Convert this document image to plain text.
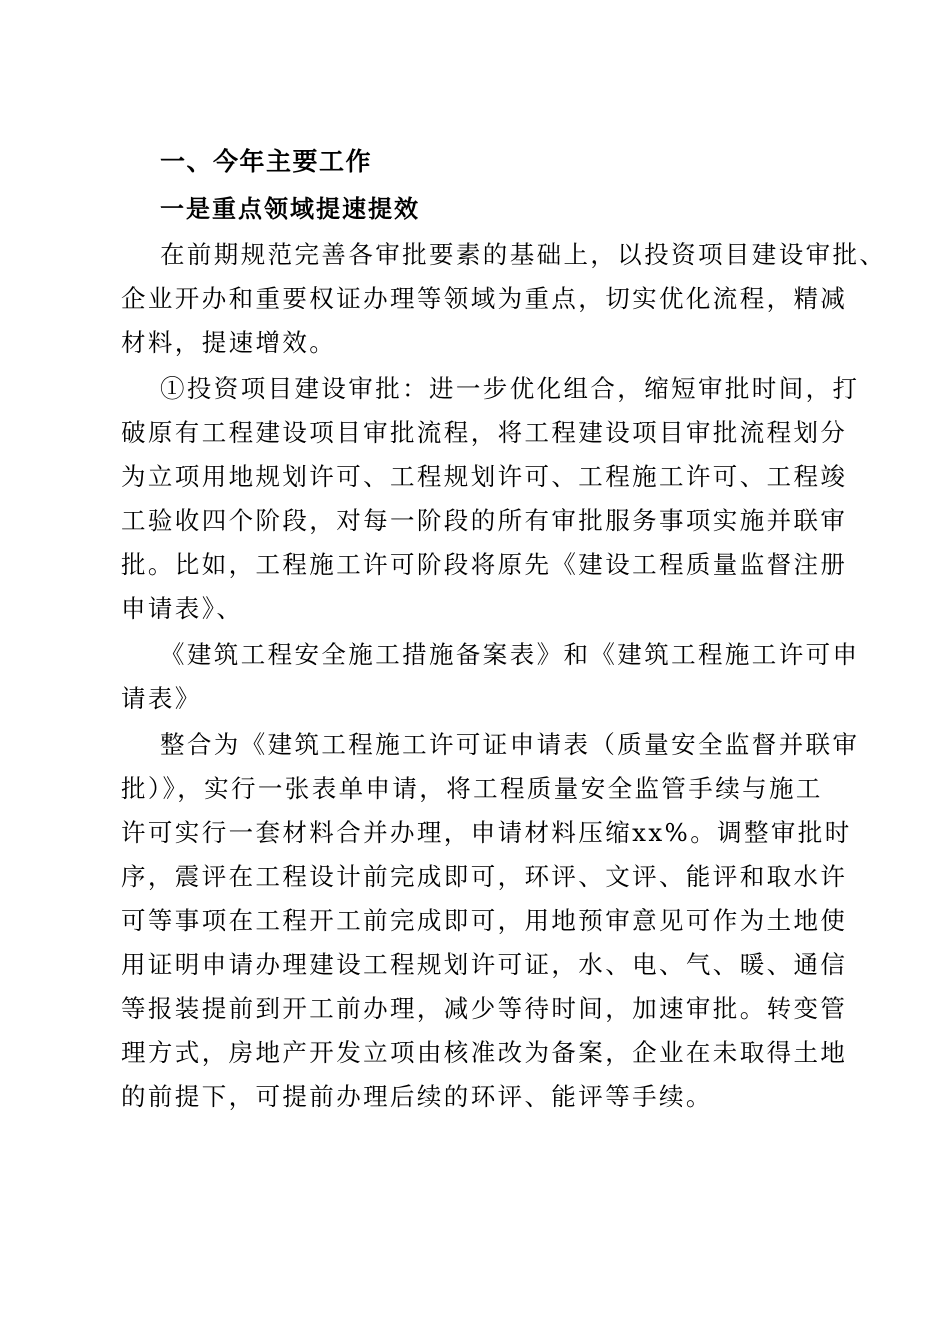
一、今年主要工作
一是重点领域提速提效
在前期规范完善各审批要素的基础上，以投资项目建设审批、
企业开办和重要权证办理等领域为重点，切实优化流程，精减
材料，提速增效。
①投资项目建设审批：进一步优化组合，缩短审批时间，打
破原有工程建设项目审批流程，将工程建设项目审批流程划分
为立项用地规划许可、工程规划许可、工程施工许可、工程竣
工验收四个阶段，对每一阶段的所有审批服务事项实施并联审
批。比如，工程施工许可阶段将原先《建设工程质量监督注册
申请表》、
《建筑工程安全施工措施备案表》和《建筑工程施工许可申
请表》
整合为《建筑工程施工许可证申请表（质量安全监督并联审
批）》，实行一张表单申请，将工程质量安全监管手续与施工
许可实行一套材料合并办理，申请材料压缩xx%。调整审批时
序，震评在工程设计前完成即可，环评、文评、能评和取水许
可等事项在工程开工前完成即可，用地预审意见可作为土地使
用证明申请办理建设工程规划许可证，水、电、气、暖、通信
等报装提前到开工前办理，减少等待时间，加速审批。转变管
理方式，房地产开发立项由核准改为备案，企业在未取得土地
的前提下，可提前办理后续的环评、能评等手续。
